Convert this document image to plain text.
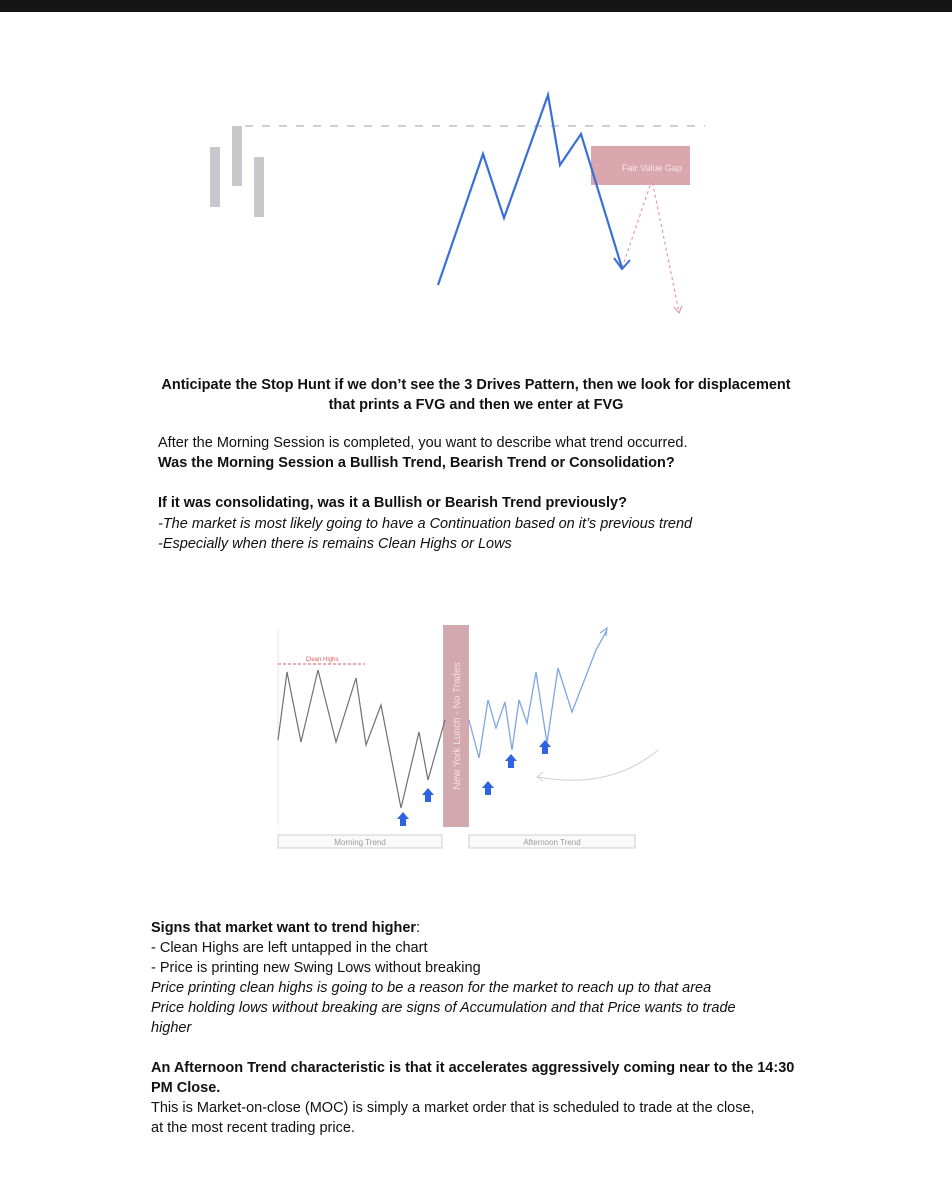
Fair Value Gap

Anticipate the Stop Hunt if we don’t see the 3 Drives Pattern, then we look for displacement

that prints a FVG and then we enter at FVG

After the Morning Session is completed, you want to describe what trend occurred.

Was the Morning Session a Bullish Trend, Bearish Trend or Consolidation?

If it was consolidating, was it a Bullish or Bearish Trend previously?

-The market is most likely going to have a Continuation based on it’s previous trend

-Especially when there is remains Clean Highs or Lows

Clean Highs
New York Lunch - No Trades
Morning Trend	Afternoon Trend

Signs that market want to trend higher:

- Clean Highs are left untapped in the chart

- Price is printing new Swing Lows without breaking

Price printing clean highs is going to be a reason for the market to reach up to that area

Price holding lows without breaking are signs of Accumulation and that Price wants to trade

higher

An Afternoon Trend characteristic is that it accelerates aggressively coming near to the 14:30

PM Close.

This is Market-on-close (MOC) is simply a market order that is scheduled to trade at the close,

at the most recent trading price.
